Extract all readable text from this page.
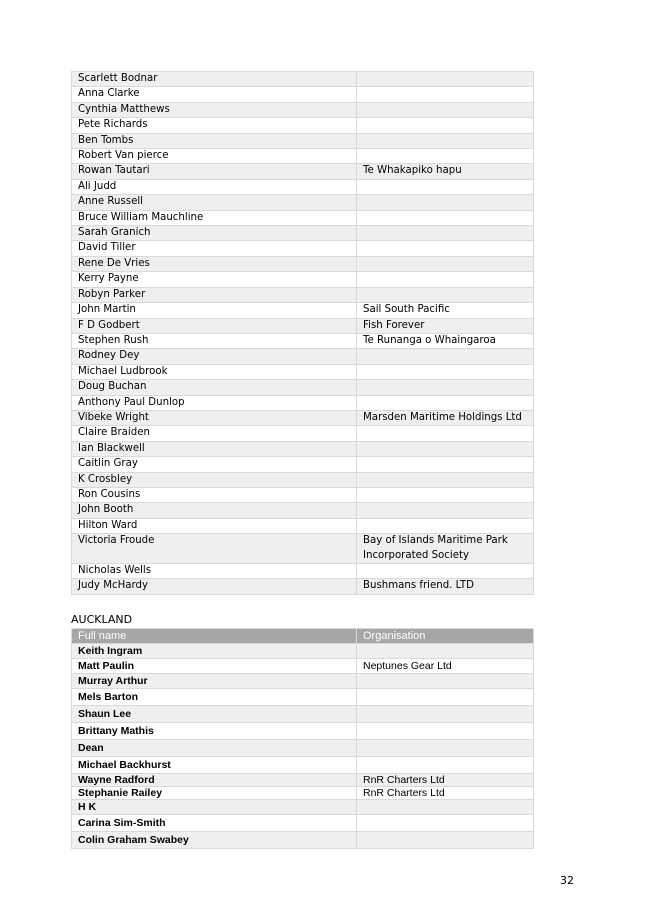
Scarlett Bodnar	
Anna Clarke	
Cynthia Matthews	
Pete Richards	
Ben Tombs	
Robert Van pierce	
Rowan Tautari	Te Whakapiko hapu
Ali Judd	
Anne Russell	
Bruce William Mauchline	
Sarah Granich	
David Tiller	
Rene De Vries	
Kerry Payne	
Robyn Parker	
John Martin	Sail South Pacific
F D Godbert	Fish Forever
Stephen Rush	Te Runanga o Whaingaroa
Rodney Dey	
Michael Ludbrook	
Doug Buchan	
Anthony Paul Dunlop	
Vibeke Wright	Marsden Maritime Holdings Ltd
Claire Braiden	
Ian Blackwell	
Caitlin Gray	
K Crosbley	
Ron Cousins	
John Booth	
Hilton Ward	
Victoria Froude	Bay of Islands Maritime Park Incorporated Society
Nicholas Wells	
Judy McHardy	Bushmans friend. LTD
AUCKLAND
Full name	Organisation
Keith Ingram	
Matt Paulin	Neptunes Gear Ltd
Murray Arthur	
Mels Barton	
Shaun Lee	
Brittany Mathis	
Dean	
Michael Backhurst	
Wayne Radford	RnR Charters Ltd
Stephanie Railey	RnR Charters Ltd
H K	
Carina Sim-Smith	
Colin Graham Swabey	
32
